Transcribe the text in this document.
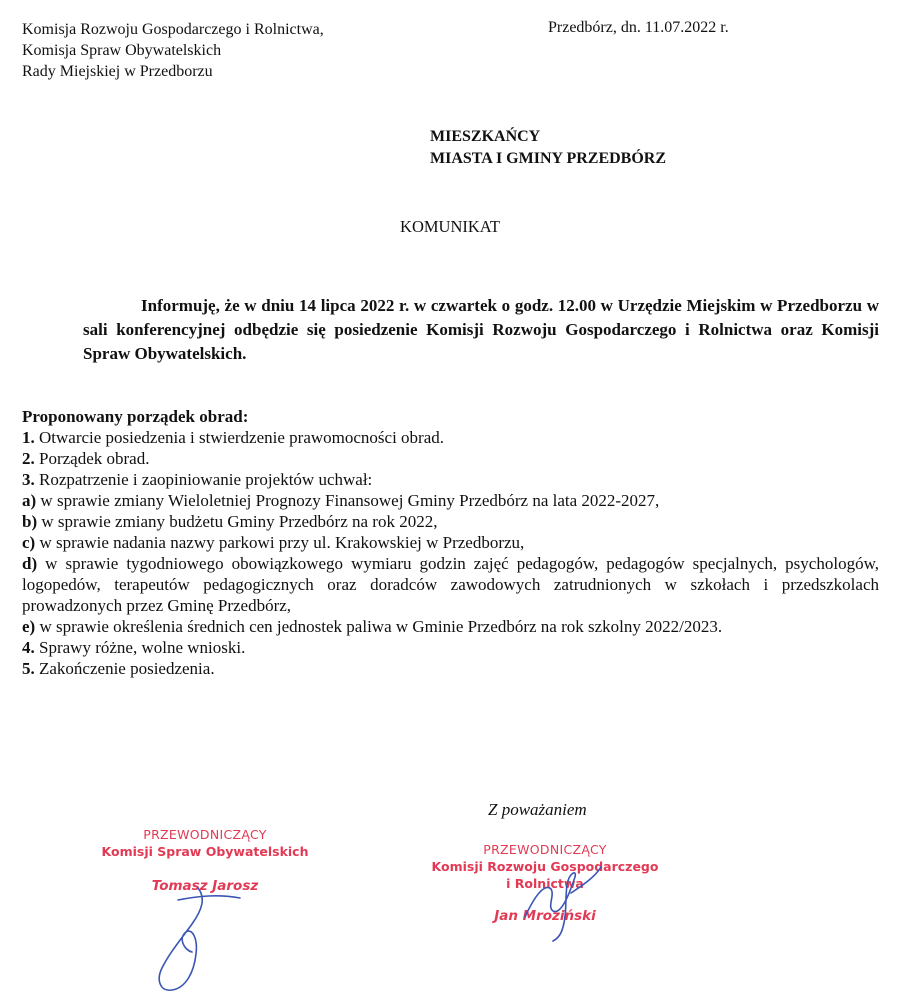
Komisja Rozwoju Gospodarczego i Rolnictwa,
Komisja Spraw Obywatelskich
Rady Miejskiej w Przedborzu
Przedbórz, dn. 11.07.2022 r.
MIESZKAŃCY
MIASTA I GMINY PRZEDBÓRZ
KOMUNIKAT
Informuję, że w dniu 14 lipca 2022 r. w czwartek o godz. 12.00 w Urzędzie Miejskim w Przedborzu w sali konferencyjnej odbędzie się posiedzenie Komisji Rozwoju Gospodarczego i Rolnictwa oraz Komisji Spraw Obywatelskich.
Proponowany porządek obrad:
1. Otwarcie posiedzenia i stwierdzenie prawomocności obrad.
2. Porządek obrad.
3. Rozpatrzenie i zaopiniowanie projektów uchwał:
a) w sprawie zmiany Wieloletniej Prognozy Finansowej Gminy Przedbórz na lata 2022-2027,
b) w sprawie zmiany budżetu Gminy Przedbórz na rok 2022,
c) w sprawie nadania nazwy parkowi przy ul. Krakowskiej w Przedborzu,
d) w sprawie tygodniowego obowiązkowego wymiaru godzin zajęć pedagogów, pedagogów specjalnych, psychologów, logopedów, terapeutów pedagogicznych oraz doradców zawodowych zatrudnionych w szkołach i przedszkolach prowadzonych przez Gminę Przedbórz,
e) w sprawie określenia średnich cen jednostek paliwa w Gminie Przedbórz na rok szkolny 2022/2023.
4. Sprawy różne, wolne wnioski.
5. Zakończenie posiedzenia.
Z poważaniem
PRZEWODNICZĄCY
Komisji Spraw Obywatelskich
Tomasz Jarosz
PRZEWODNICZĄCY
Komisji Rozwoju Gospodarczego
i Rolnictwa
Jan Mroziński
